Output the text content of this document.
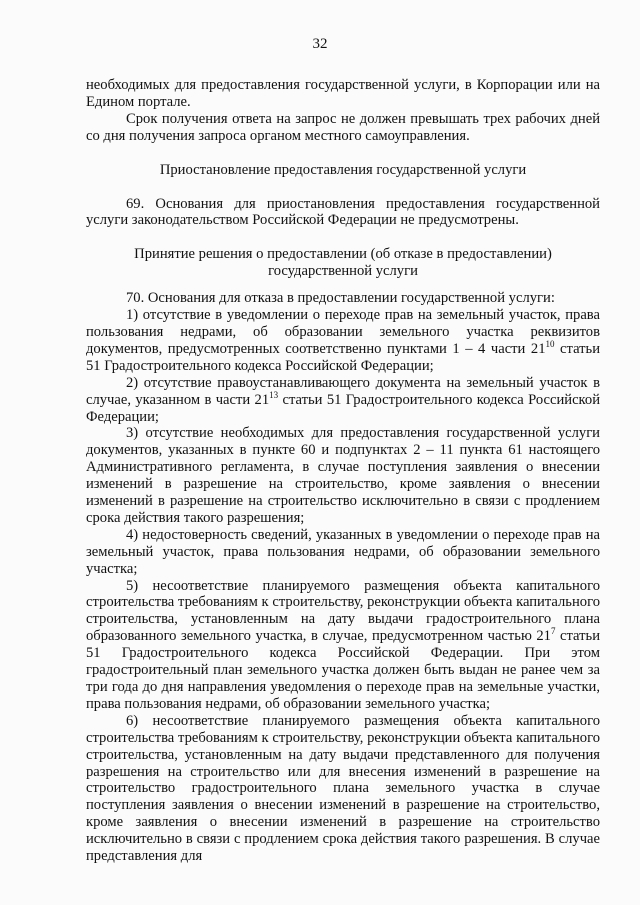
32

необходимых для предоставления государственной услуги, в Корпорации или на Едином портале.

Срок получения ответа на запрос не должен превышать трех рабочих дней со дня получения запроса органом местного самоуправления.

Приостановление предоставления государственной услуги

69. Основания для приостановления предоставления государственной услуги законодательством Российской Федерации не предусмотрены.

Принятие решения о предоставлении (об отказе в предоставлении)

государственной услуги

70. Основания для отказа в предоставлении государственной услуги:

1) отсутствие в уведомлении о переходе прав на земельный участок, права пользования недрами, об образовании земельного участка реквизитов документов, предусмотренных соответственно пунктами 1 – 4 части $21^{10}$ статьи 51 Градостроительного кодекса Российской Федерации;

2) отсутствие правоустанавливающего документа на земельный участок в случае, указанном в части $21^{13}$ статьи 51 Градостроительного кодекса Российской Федерации;

3) отсутствие необходимых для предоставления государственной услуги документов, указанных в пункте 60 и подпунктах 2 – 11 пункта 61 настоящего Административного регламента, в случае поступления заявления о внесении изменений в разрешение на строительство, кроме заявления о внесении изменений в разрешение на строительство исключительно в связи с продлением срока действия такого разрешения;

4) недостоверность сведений, указанных в уведомлении о переходе прав на земельный участок, права пользования недрами, об образовании земельного участка;

5) несоответствие планируемого размещения объекта капитального строительства требованиям к строительству, реконструкции объекта капитального строительства, установленным на дату выдачи градостроительного плана образованного земельного участка, в случае, предусмотренном частью $21^7$ статьи 51 Градостроительного кодекса Российской Федерации. При этом градостроительный план земельного участка должен быть выдан не ранее чем за три года до дня направления уведомления о переходе прав на земельные участки, права пользования недрами, об образовании земельного участка;

6) несоответствие планируемого размещения объекта капитального строительства требованиям к строительству, реконструкции объекта капитального строительства, установленным на дату выдачи представленного для получения разрешения на строительство или для внесения изменений в разрешение на строительство градостроительного плана земельного участка в случае поступления заявления о внесении изменений в разрешение на строительство, кроме заявления о внесении изменений в разрешение на строительство исключительно в связи с продлением срока действия такого разрешения. В случае представления для
